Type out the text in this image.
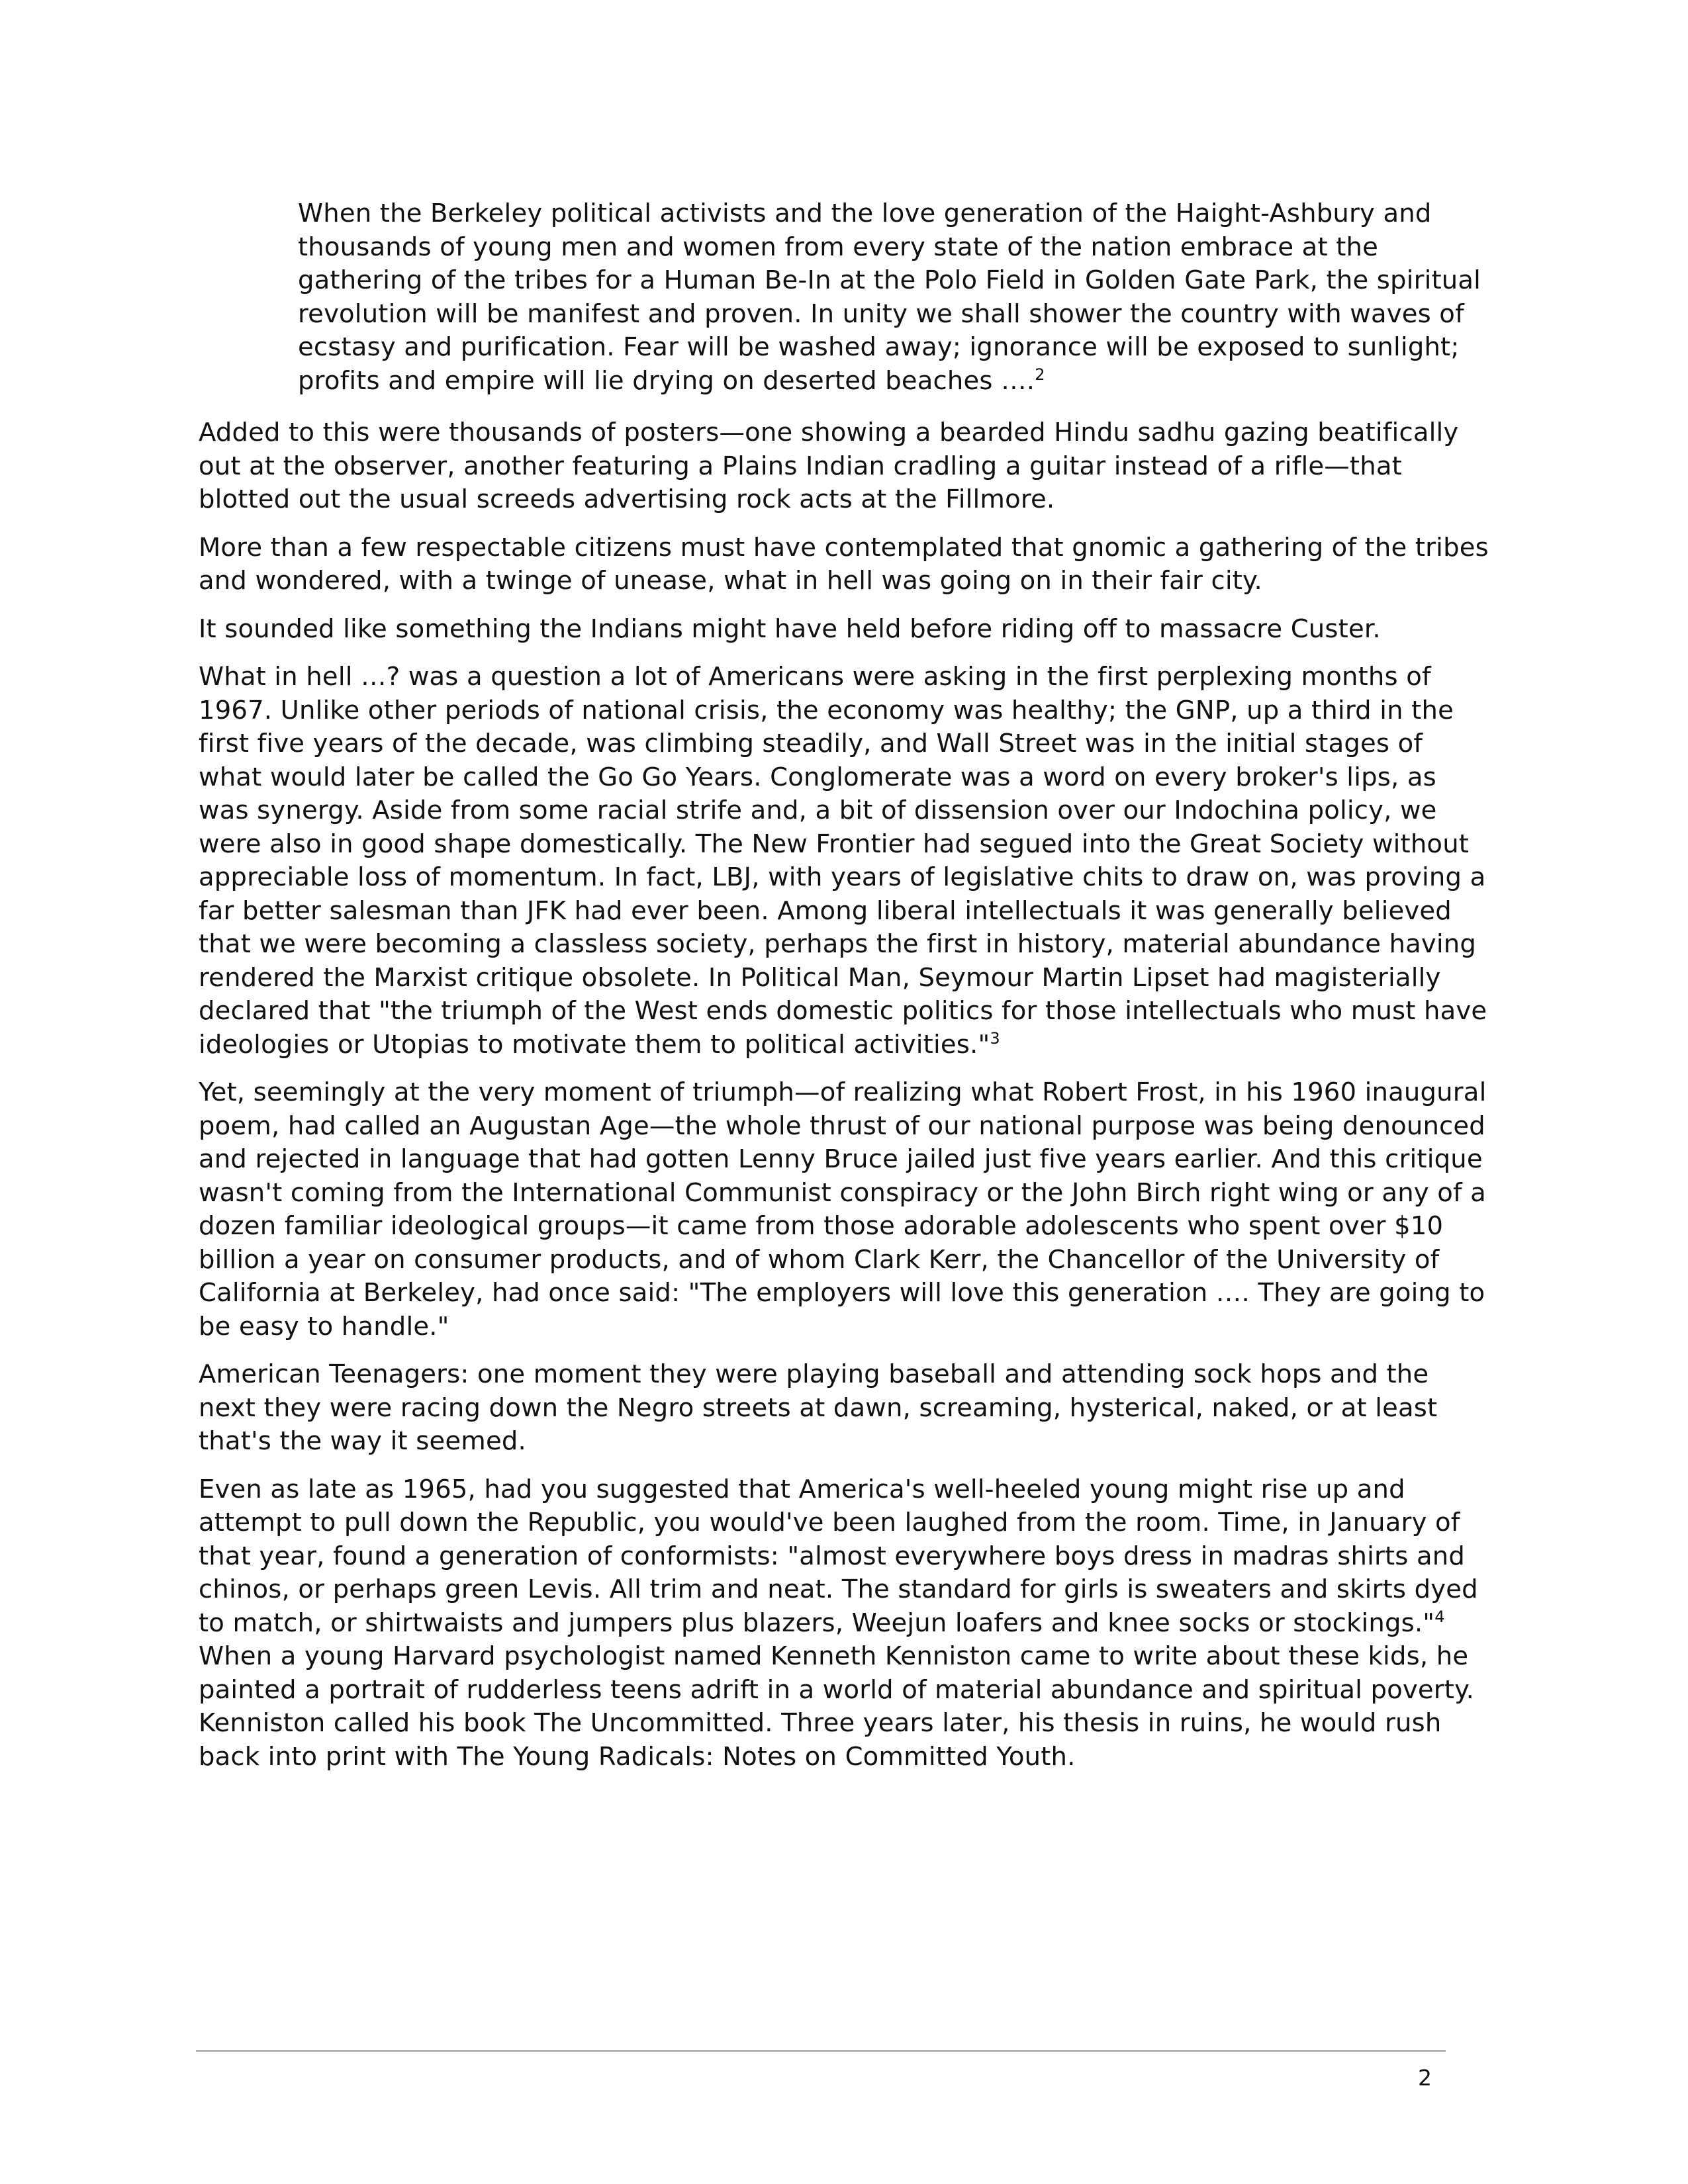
When the Berkeley political activists and the love generation of the Haight-Ashbury and thousands of young men and women from every state of the nation embrace at the gathering of the tribes for a Human Be-In at the Polo Field in Golden Gate Park, the spiritual revolution will be manifest and proven. In unity we shall shower the country with waves of ecstasy and purification. Fear will be washed away; ignorance will be exposed to sunlight; profits and empire will lie drying on deserted beaches ….$^2$

Added to this were thousands of posters—one showing a bearded Hindu sadhu gazing beatifically out at the observer, another featuring a Plains Indian cradling a guitar instead of a rifle—that blotted out the usual screeds advertising rock acts at the Fillmore.

More than a few respectable citizens must have contemplated that gnomic a gathering of the tribes and wondered, with a twinge of unease, what in hell was going on in their fair city.

It sounded like something the Indians might have held before riding off to massacre Custer.

What in hell …? was a question a lot of Americans were asking in the first perplexing months of 1967. Unlike other periods of national crisis, the economy was healthy; the GNP, up a third in the first five years of the decade, was climbing steadily, and Wall Street was in the initial stages of what would later be called the Go Go Years. Conglomerate was a word on every broker's lips, as was synergy. Aside from some racial strife and, a bit of dissension over our Indochina policy, we were also in good shape domestically. The New Frontier had segued into the Great Society without appreciable loss of momentum. In fact, LBJ, with years of legislative chits to draw on, was proving a far better salesman than JFK had ever been. Among liberal intellectuals it was generally believed that we were becoming a classless society, perhaps the first in history, material abundance having rendered the Marxist critique obsolete. In Political Man, Seymour Martin Lipset had magisterially declared that "the triumph of the West ends domestic politics for those intellectuals who must have ideologies or Utopias to motivate them to political activities."$^3$

Yet, seemingly at the very moment of triumph—of realizing what Robert Frost, in his 1960 inaugural poem, had called an Augustan Age—the whole thrust of our national purpose was being denounced and rejected in language that had gotten Lenny Bruce jailed just five years earlier. And this critique wasn't coming from the International Communist conspiracy or the John Birch right wing or any of a dozen familiar ideological groups—it came from those adorable adolescents who spent over $10 billion a year on consumer products, and of whom Clark Kerr, the Chancellor of the University of California at Berkeley, had once said: "The employers will love this generation …. They are going to be easy to handle."

American Teenagers: one moment they were playing baseball and attending sock hops and the next they were racing down the Negro streets at dawn, screaming, hysterical, naked, or at least that's the way it seemed.

Even as late as 1965, had you suggested that America's well-heeled young might rise up and attempt to pull down the Republic, you would've been laughed from the room. Time, in January of that year, found a generation of conformists: "almost everywhere boys dress in madras shirts and chinos, or perhaps green Levis. All trim and neat. The standard for girls is sweaters and skirts dyed to match, or shirtwaists and jumpers plus blazers, Weejun loafers and knee socks or stockings."$^4$ When a young Harvard psychologist named Kenneth Kenniston came to write about these kids, he painted a portrait of rudderless teens adrift in a world of material abundance and spiritual poverty. Kenniston called his book The Uncommitted. Three years later, his thesis in ruins, he would rush back into print with The Young Radicals: Notes on Committed Youth.

2
